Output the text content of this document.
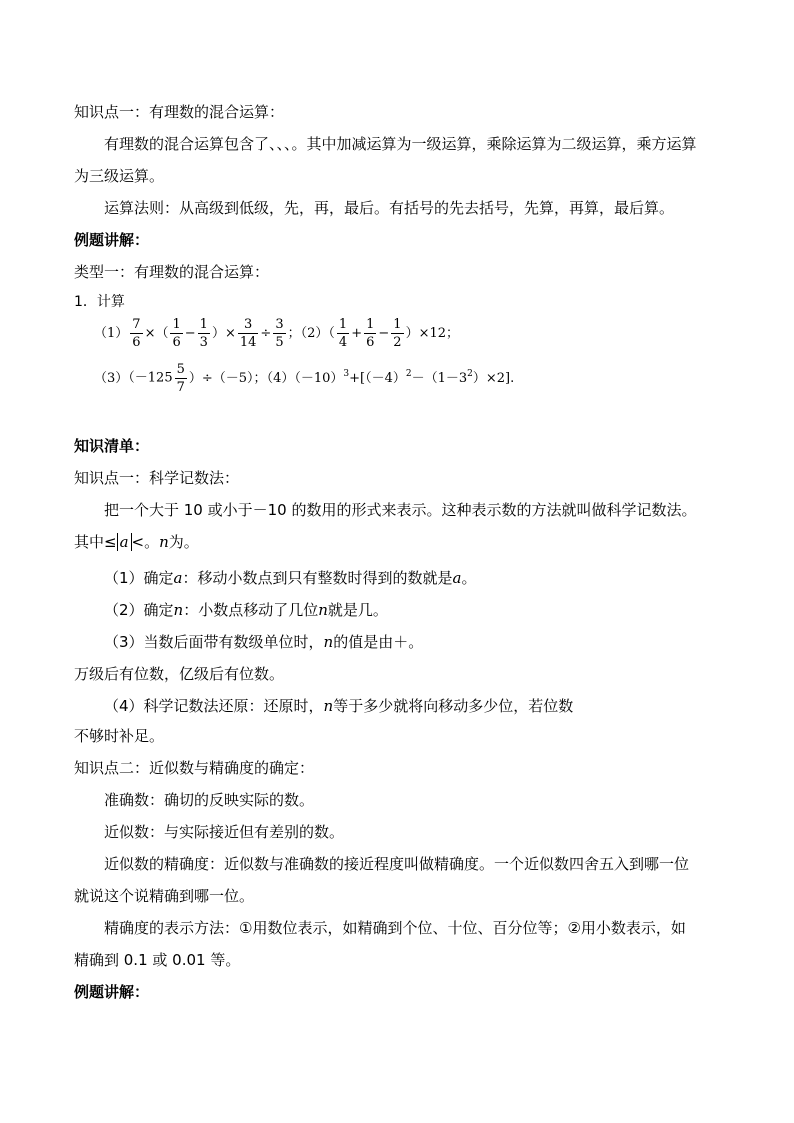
知识点一：有理数的混合运算：
有理数的混合运算包含了、、、。其中加减运算为一级运算，乘除运算为二级运算，乘方运算
为三级运算。
运算法则：从高级到低级，先，再，最后。有括号的先去括号，先算，再算，最后算。
例题讲解：
类型一：有理数的混合运算：
1．计算
$(1) \frac{7}{6}$ ×（ $\frac{1}{6} - \frac{1}{3}$ ）× $\frac{3}{14} \div \frac{3}{5}$ ；$(2)( \frac{1}{4} + \frac{1}{6} - \frac{1}{2} )\times 12$；
$(3)(-125 \frac{5}{7} )\div(-5)$；$(4)(-10)^3+[(-4)^2-(1-3^2)\times 2]$.
知识清单：
知识点一：科学记数法：
把一个大于 10 或小于－10 的数用的形式来表示。这种表示数的方法就叫做科学记数法。
其中≤ a <。n为。
（1）确定a：移动小数点到只有整数时得到的数就是a。
（2）确定n：小数点移动了几位n就是几。
（3）当数后面带有数级单位时，n的值是由＋。
万级后有位数，亿级后有位数。
（4）科学记数法还原：还原时，n等于多少就将向移动多少位，若位数
不够时补足。
知识点二：近似数与精确度的确定：
准确数：确切的反映实际的数。
近似数：与实际接近但有差别的数。
近似数的精确度：近似数与准确数的接近程度叫做精确度。一个近似数四舍五入到哪一位
就说这个说精确到哪一位。
精确度的表示方法：①用数位表示，如精确到个位、十位、百分位等；②用小数表示，如
精确到 0.1 或 0.01 等。
例题讲解：
